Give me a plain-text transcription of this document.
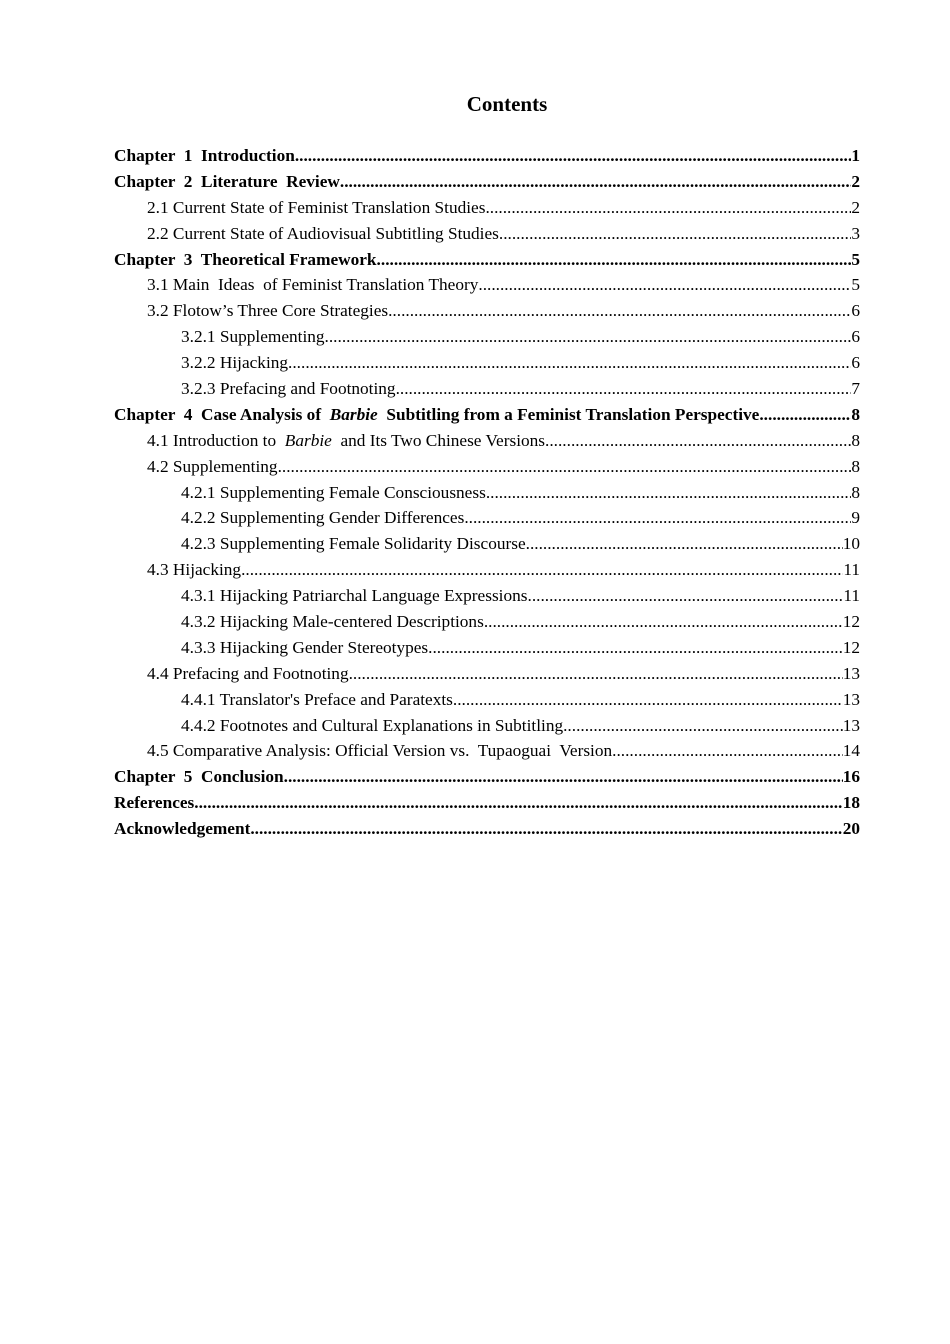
Contents
Chapter  1  Introduction .....	1
Chapter  2  Literature  Review .....	2
2.1 Current State of Feminist Translation Studies .....	2
2.2 Current State of Audiovisual Subtitling Studies .....	3
Chapter  3  Theoretical Framework .....	5
3.1 Main  Ideas  of Feminist Translation Theory .....	5
3.2 Flotow’s Three Core Strategies .....	6
3.2.1 Supplementing .....	6
3.2.2 Hijacking .....	6
3.2.3 Prefacing and Footnoting .....	7
Chapter  4  Case Analysis of  Barbie  Subtitling from a Feminist Translation Perspective .....	8
4.1 Introduction to  Barbie  and Its Two Chinese Versions .....	8
4.2 Supplementing .....	8
4.2.1 Supplementing Female Consciousness .....	8
4.2.2 Supplementing Gender Differences .....	9
4.2.3 Supplementing Female Solidarity Discourse .....	10
4.3 Hijacking .....	11
4.3.1 Hijacking Patriarchal Language Expressions .....	11
4.3.2 Hijacking Male-centered Descriptions .....	12
4.3.3 Hijacking Gender Stereotypes .....	12
4.4 Prefacing and Footnoting .....	13
4.4.1 Translator's Preface and Paratexts .....	13
4.4.2 Footnotes and Cultural Explanations in Subtitling .....	13
4.5 Comparative Analysis: Official Version vs.  Tupaoguai  Version .....	14
Chapter  5  Conclusion .....	16
References .....	18
Acknowledgement .....	20
